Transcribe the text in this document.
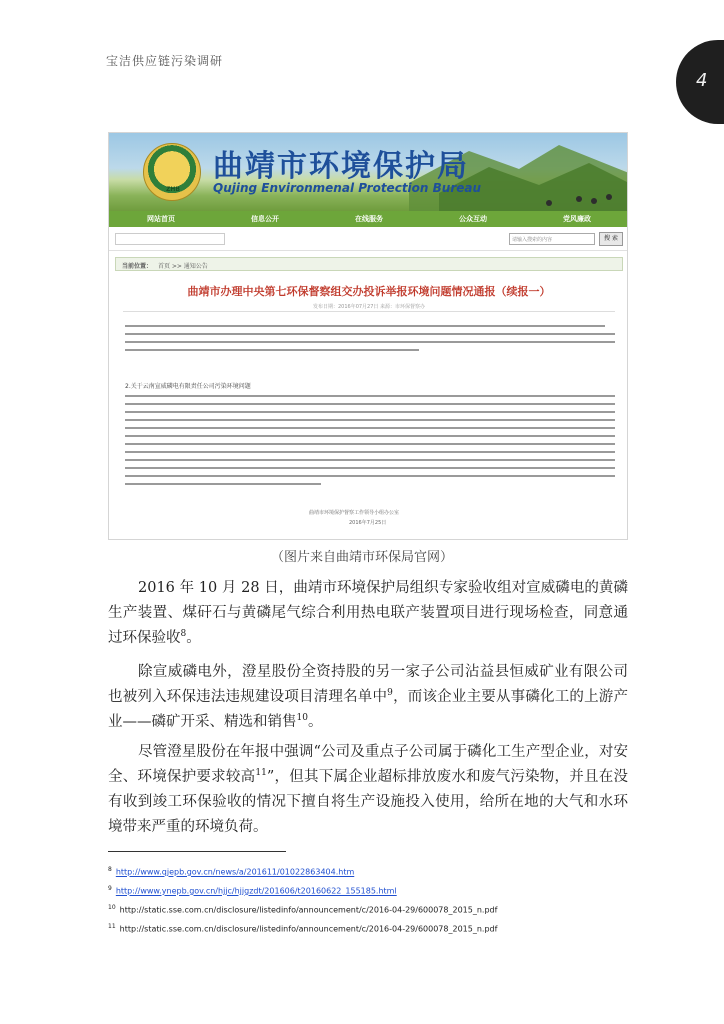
宝洁供应链污染调研
4
ZHB
曲靖市环境保护局
Qujing Environmenal Protection Bureau
网站首页	信息公开	在线服务	公众互动	党风廉政
请输入搜索的内容	搜 索
当前位置： 首页 >> 通知公告
曲靖市办理中央第七环保督察组交办投诉举报环境问题情况通报（续报一）
发布日期：2016年07月27日 来源：市环保督察办
2.关于云南宣威磷电有限责任公司污染环境问题
曲靖市环境保护督察工作领导小组办公室
2016年7月25日
（图片来自曲靖市环保局官网）

2016 年 10 月 28 日，曲靖市环境保护局组织专家验收组对宣威磷电的黄磷生产装置、煤矸石与黄磷尾气综合利用热电联产装置项目进行现场检查，同意通过环保验收$^8$。

除宣威磷电外，澄星股份全资持股的另一家子公司沾益县恒威矿业有限公司也被列入环保违法违规建设项目清理名单中$^9$，而该企业主要从事磷化工的上游产业——磷矿开采、精选和销售$^{10}$。

尽管澄星股份在年报中强调“公司及重点子公司属于磷化工生产型企业，对安全、环境保护要求较高$^{11}$”，但其下属企业超标排放废水和废气污染物，并且在没有收到竣工环保验收的情况下擅自将生产设施投入使用，给所在地的大气和水环境带来严重的环境负荷。

$^8$ http://www.qjepb.gov.cn/news/a/201611/01022863404.htm
$^9$ http://www.ynepb.gov.cn/hjjc/hjjgzdt/201606/t20160622_155185.html
$^{10}$ http://static.sse.com.cn/disclosure/listedinfo/announcement/c/2016-04-29/600078_2015_n.pdf
$^{11}$ http://static.sse.com.cn/disclosure/listedinfo/announcement/c/2016-04-29/600078_2015_n.pdf
